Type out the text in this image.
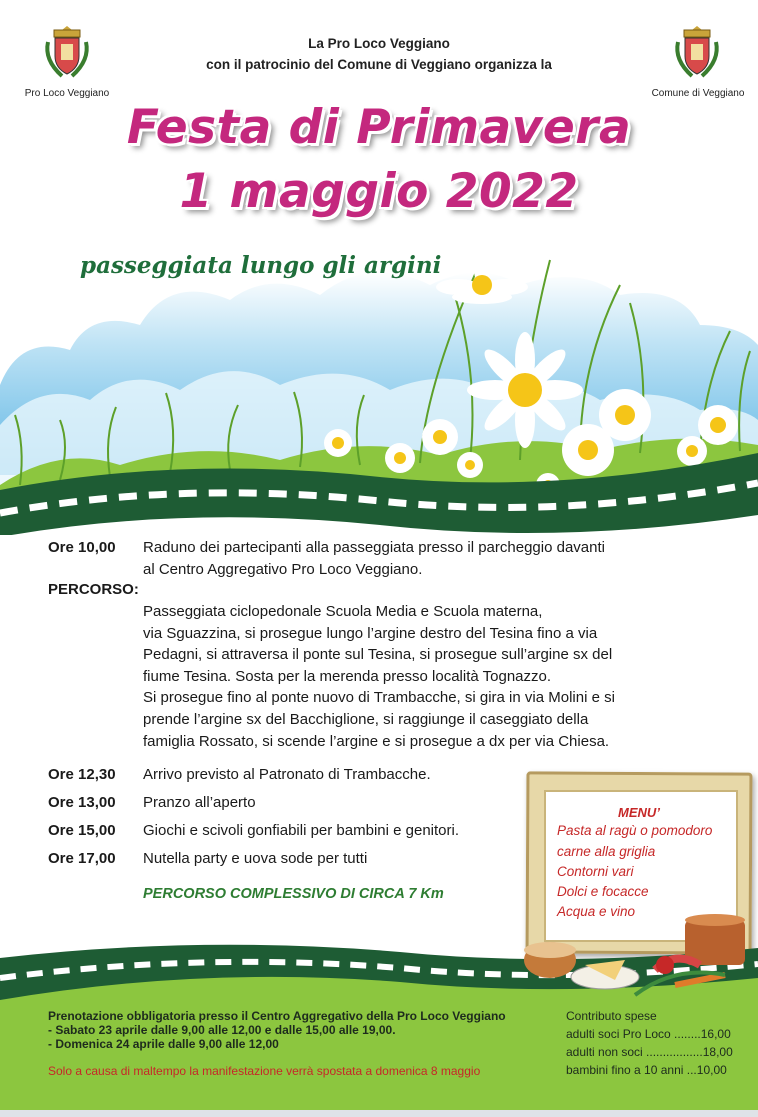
Pro Loco Veggiano	Comune di Veggiano
La Pro Loco Veggiano
con il patrocinio del Comune di Veggiano organizza la
Festa di Primavera
1 maggio 2022
passeggiata lungo gli argini
Ore 10,00 Raduno dei partecipanti alla passeggiata presso il parcheggio davanti
al Centro Aggregativo Pro Loco Veggiano.
PERCORSO:
Passeggiata ciclopedonale Scuola Media e Scuola materna,
via Sguazzina, si prosegue lungo l’argine destro del Tesina fino a via
Pedagni, si attraversa il ponte sul Tesina, si prosegue sull’argine sx del
fiume Tesina. Sosta per la merenda presso località Tognazzo.
Si prosegue fino al ponte nuovo di Trambacche, si gira in via Molini e si
prende l’argine sx del Bacchiglione, si raggiunge il caseggiato della
famiglia Rossato, si scende l’argine e si prosegue a dx per via Chiesa.
Ore 12,30 Arrivo previsto al Patronato di Trambacche.
Ore 13,00 Pranzo all’aperto
Ore 15,00 Giochi e scivoli gonfiabili per bambini e genitori.
Ore 17,00 Nutella party e uova sode per tutti
PERCORSO COMPLESSIVO DI CIRCA 7 Km
MENU’
Pasta al ragù o pomodoro
carne alla griglia
Contorni vari
Dolci e focacce
Acqua e vino
Prenotazione obbligatoria presso il Centro Aggregativo della Pro Loco Veggiano
- Sabato 23 aprile dalle 9,00 alle 12,00 e dalle 15,00 alle 19,00.
- Domenica 24 aprile dalle 9,00 alle 12,00
Solo a causa di maltempo la manifestazione verrà spostata a domenica 8 maggio
Contributo spese
adulti soci Pro Loco ........16,00
adulti non soci .................18,00
bambini fino a 10 anni ...10,00
